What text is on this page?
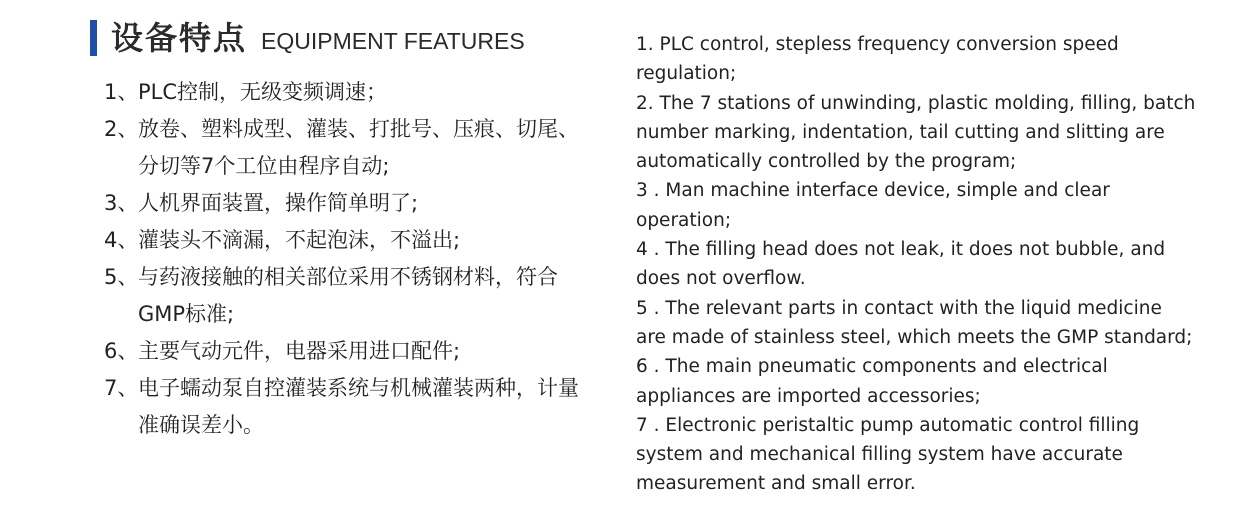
设备特点 EQUIPMENT FEATURES
1、 PLC控制，无级变频调速；
2、 放卷、塑料成型、灌装、打批号、压痕、切尾、分切等7个工位由程序自动;
3、 人机界面装置，操作简单明了;
4、 灌装头不滴漏，不起泡沫，不溢出;
5、 与药液接触的相关部位采用不锈钢材料，符合GMP标准;
6、 主要气动元件，电器采用进口配件;
7、 电子蠕动泵自控灌装系统与机械灌装两种，计量准确误差小。
1. PLC control, stepless frequency conversion speed regulation;
2. The 7 stations of unwinding, plastic molding, filling, batch number marking, indentation, tail cutting and slitting are automatically controlled by the program;
3 . Man machine interface device, simple and clear operation;
4 . The filling head does not leak, it does not bubble, and does not overflow.
5 . The relevant parts in contact with the liquid medicine are made of stainless steel, which meets the GMP standard;
6 . The main pneumatic components and electrical appliances are imported accessories;
7 . Electronic peristaltic pump automatic control filling system and mechanical filling system have accurate measurement and small error.
